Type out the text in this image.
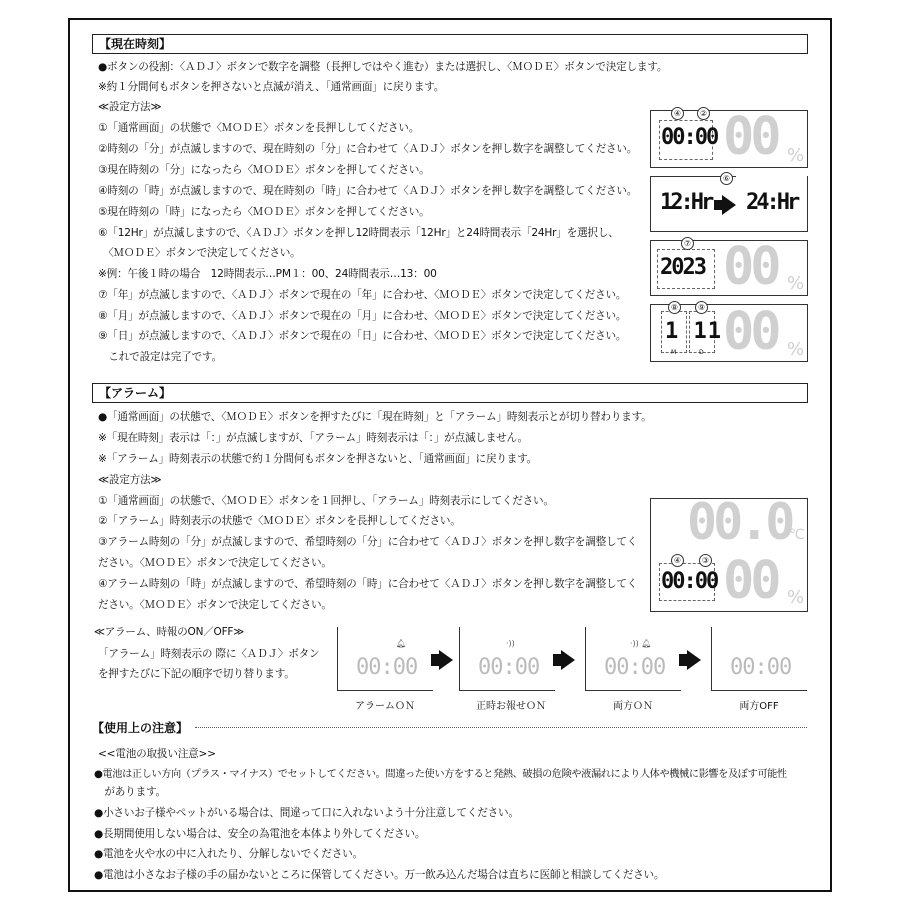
【現在時刻】
●ボタンの役割：〈ＡＤＪ〉ボタンで数字を調整（長押しではやく進む）または選択し、〈ＭＯＤＥ〉ボタンで決定します。
※約１分間何もボタンを押さないと点滅が消え、「通常画面」に戻ります。
≪設定方法≫
①「通常画面」の状態で〈ＭＯＤＥ〉ボタンを長押ししてください。
②時刻の「分」が点滅しますので、現在時刻の「分」に合わせて〈ＡＤＪ〉ボタンを押し数字を調整してください。
③現在時刻の「分」になったら〈ＭＯＤＥ〉ボタンを押してください。
④時刻の「時」が点滅しますので、現在時刻の「時」に合わせて〈ＡＤＪ〉ボタンを押し数字を調整してください。
⑤現在時刻の「時」になったら〈ＭＯＤＥ〉ボタンを押してください。
⑥「12Hr」が点滅しますので、〈ＡＤＪ〉ボタンを押し12時間表示「12Hr」と24時間表示「24Hr」を選択し、
　〈ＭＯＤＥ〉ボタンで決定してください。
※例：午後１時の場合　12時間表示…PM１：00、24時間表示…13：00
⑦「年」が点滅しますので、〈ＡＤＪ〉ボタンで現在の「年」に合わせ、〈ＭＯＤＥ〉ボタンで決定してください。
⑧「月」が点滅しますので、〈ＡＤＪ〉ボタンで現在の「月」に合わせ、〈ＭＯＤＥ〉ボタンで決定してください。
⑨「日」が点滅しますので、〈ＡＤＪ〉ボタンで現在の「日」に合わせ、〈ＭＯＤＥ〉ボタンで決定してください。
　これで設定は完了です。
④	②
00:00 00 %
⑥
12:Hr 24:Hr
⑦
2023 00 %
⑧	⑨
1 11
M	D 00 %
【アラーム】
●「通常画面」の状態で、〈ＭＯＤＥ〉ボタンを押すたびに「現在時刻」と「アラーム」時刻表示とが切り替わります。
※「現在時刻」表示は「：」が点滅しますが、「アラーム」時刻表示は「：」が点滅しません。
※「アラーム」時刻表示の状態で約１分間何もボタンを押さないと、「通常画面」に戻ります。
≪設定方法≫
①「通常画面」の状態で、〈ＭＯＤＥ〉ボタンを１回押し、「アラーム」時刻表示にしてください。
②「アラーム」時刻表示の状態で〈ＭＯＤＥ〉ボタンを長押ししてください。
③アラーム時刻の「分」が点滅しますので、希望時刻の「分」に合わせて〈ＡＤＪ〉ボタンを押し数字を調整してく
ださい。〈ＭＯＤＥ〉ボタンで決定してください。
④アラーム時刻の「時」が点滅しますので、希望時刻の「時」に合わせて〈ＡＤＪ〉ボタンを押し数字を調整してく
ださい。〈ＭＯＤＥ〉ボタンで決定してください。
00.0
℃
④	③
00:00 00 %
≪アラーム、時報のON／OFF≫
「アラーム」時刻表示の 際に〈ＡＤＪ〉ボタン
を押すたびに下記の順序で切り替ります。
🔔︎
00:00
アラームＯＮ
·))
00:00
正時お報せＯＮ
·)) 🔔︎
00:00
両方ＯＮ
00:00
両方OFF
【使用上の注意】
<<電池の取扱い注意>>
●電池は正しい方向（プラス・マイナス）でセットしてください。間違った使い方をすると発熱、破損の危険や液漏れにより人体や機械に影響を及ぼす可能性
　があります。
●小さいお子様やペットがいる場合は、間違って口に入れないよう十分注意してください。
●長期間使用しない場合は、安全の為電池を本体より外してください。
●電池を火や水の中に入れたり、分解しないでください。
●電池は小さなお子様の手の届かないところに保管してください。万一飲み込んだ場合は直ちに医師と相談してください。
